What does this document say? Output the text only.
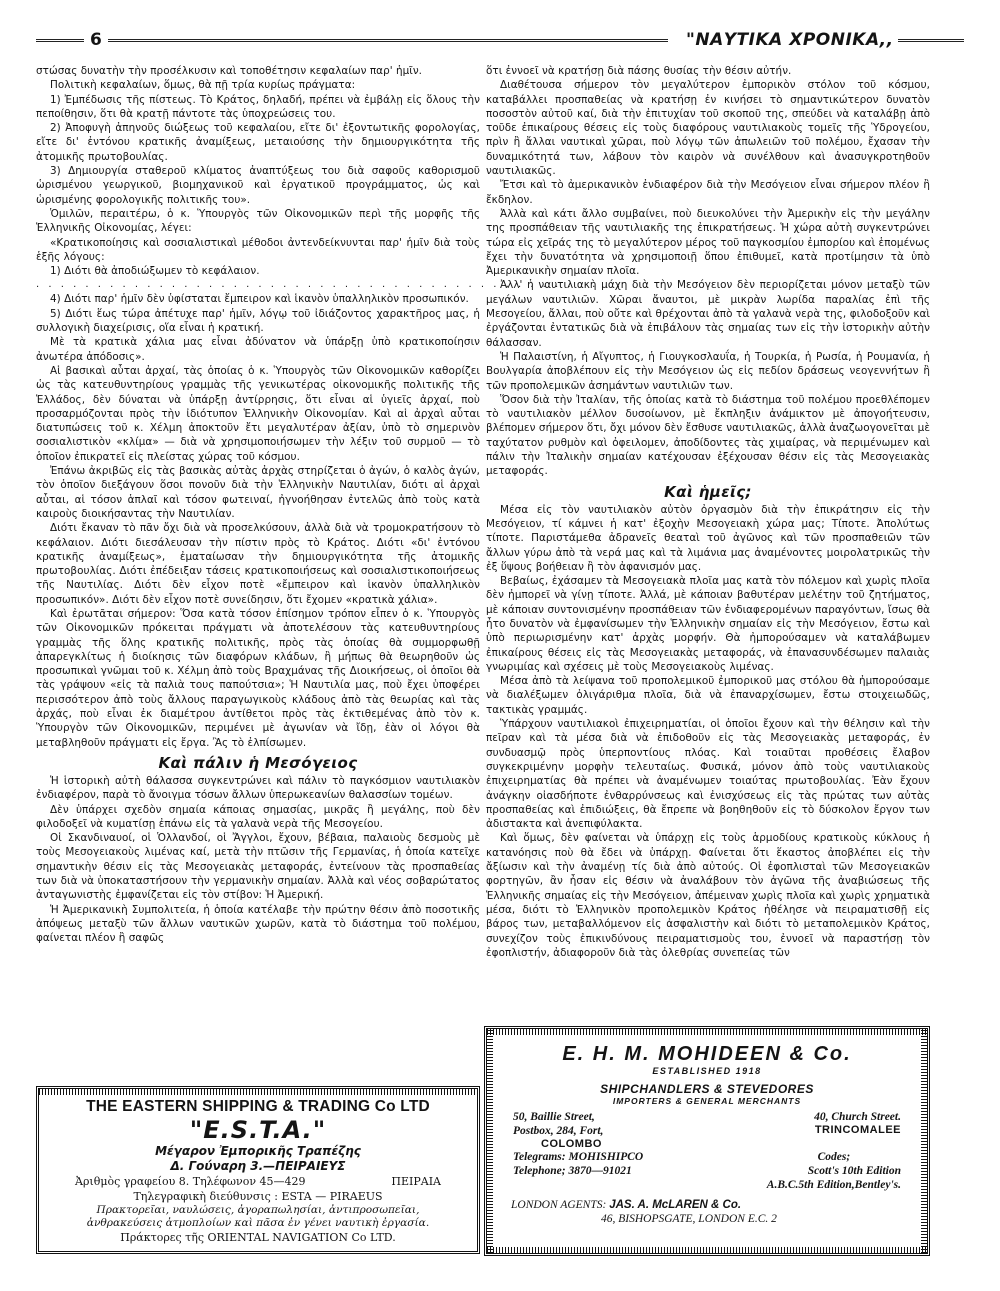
6	"ΝΑΥΤΙΚΑ ΧΡΟΝΙΚΑ,,

στώσας δυνατὴν τὴν προσέλκυσιν καὶ τοποθέτησιν κεφαλαίων παρ' ἡμῖν.

Πολιτικὴ κεφαλαίων, ὅμως, θὰ πῇ τρία κυρίως πράγματα:

1) Ἐμπέδωσις τῆς πίστεως. Τὸ Κράτος, δηλαδή, πρέπει νὰ ἐμβάλῃ εἰς ὅλους τὴν πεποίθησιν, ὅτι θὰ κρατῇ πάντοτε τὰς ὑποχρεώσεις του.

2) Ἀποφυγὴ ἀπηνοῦς διώξεως τοῦ κεφαλαίου, εἴτε δι' ἐξοντωτικῆς φορολογίας, εἴτε δι' ἐντόνου κρατικῆς ἀναμίξεως, μεταιούσης τὴν δημιουργικότητα τῆς ἀτομικῆς πρωτοβουλίας.

3) Δημιουργία σταθεροῦ κλίματος ἀναπτύξεως του διὰ σαφοῦς καθορισμοῦ ὡρισμένου γεωργικοῦ, βιομηχανικοῦ καὶ ἐργατικοῦ προγράμματος, ὡς καὶ ὡρισμένης φορολογικῆς πολιτικῆς του».

Ὁμιλῶν, περαιτέρω, ὁ κ. Ὑπουργὸς τῶν Οἰκονομικῶν περὶ τῆς μορφῆς τῆς Ἑλληνικῆς Οἰκονομίας, λέγει:

«Κρατικοποίησις καὶ σοσιαλιστικαὶ μέθοδοι ἀντενδείκνυνται παρ' ἡμῖν διὰ τοὺς ἑξῆς λόγους:

1) Διότι θὰ ἀποδιώξωμεν τὸ κεφάλαιον.

. . . . . . . . . . . . . . . . . . . . . . . . . . . . . . . . . . . . . . . . . . . . . . . .

4) Διότι παρ' ἡμῖν δὲν ὑφίσταται ἔμπειρον καὶ ἱκανὸν ὑπαλληλικὸν προσωπικόν.

5) Διότι ἕως τώρα ἀπέτυχε παρ' ἡμῖν, λόγῳ τοῦ ἰδιάζοντος χαρακτῆρος μας, ἡ συλλογικὴ διαχείρισις, οἵα εἶναι ἡ κρατική.

Μὲ τὰ κρατικὰ χάλια μας εἶναι ἀδύνατον νὰ ὑπάρξῃ ὑπὸ κρατικοποίησιν ἀνωτέρα ἀπόδοσις».

Αἱ βασικαὶ αὗται ἀρχαί, τὰς ὁποίας ὁ κ. Ὑπουργὸς τῶν Οἰκονομικῶν καθορίζει ὡς τὰς κατευθυντηρίους γραμμὰς τῆς γενικωτέρας οἰκονομικῆς πολιτικῆς τῆς Ἑλλάδος, δὲν δύναται νὰ ὑπάρξῃ ἀντίρρησις, ὅτι εἶναι αἱ ὑγιεῖς ἀρχαί, ποὺ προσαρμόζονται πρὸς τὴν ἰδιότυπον Ἑλληνικὴν Οἰκονομίαν. Καὶ αἱ ἀρχαὶ αὗται διατυπώσεις τοῦ κ. Χέλμη ἀποκτοῦν ἔτι μεγαλυτέραν ἀξίαν, ὑπὸ τὸ σημερινὸν σοσιαλιστικὸν «κλίμα» — διὰ νὰ χρησιμοποιήσωμεν τὴν λέξιν τοῦ συρμοῦ — τὸ ὁποῖον ἐπικρατεῖ εἰς πλείστας χώρας τοῦ κόσμου.

Ἐπάνω ἀκριβῶς εἰς τὰς βασικὰς αὐτὰς ἀρχὰς στηρίζεται ὁ ἀγών, ὁ καλὸς ἀγών, τὸν ὁποῖον διεξάγουν ὅσοι πονοῦν διὰ τὴν Ἑλληνικὴν Ναυτιλίαν, διότι αἱ ἀρχαὶ αὗται, αἱ τόσον ἁπλαῖ καὶ τόσον φωτειναί, ἠγνοήθησαν ἐντελῶς ἀπὸ τοὺς κατὰ καιροὺς διοικήσαντας τὴν Ναυτιλίαν.

Διότι ἔκαναν τὸ πᾶν ὄχι διὰ νὰ προσελκύσουν, ἀλλὰ διὰ νὰ τρομοκρατήσουν τὸ κεφάλαιον. Διότι διεσάλευσαν τὴν πίστιν πρὸς τὸ Κράτος. Διότι «δι' ἐντόνου κρατικῆς ἀναμίξεως», ἐματαίωσαν τὴν δημιουργικότητα τῆς ἀτομικῆς πρωτοβουλίας. Διότι ἐπέδειξαν τάσεις κρατικοποιήσεως καὶ σοσιαλιστικοποιήσεως τῆς Ναυτιλίας. Διότι δὲν εἶχον ποτὲ «ἔμπειρον καὶ ἱκανὸν ὑπαλληλικὸν προσωπικόν». Διότι δὲν εἶχον ποτὲ συνείδησιν, ὅτι ἔχομεν «κρατικὰ χάλια».

Καὶ ἐρωτᾶται σήμερον: Ὅσα κατὰ τόσον ἐπίσημον τρόπον εἶπεν ὁ κ. Ὑπουργὸς τῶν Οἰκονομικῶν πρόκειται πράγματι νὰ ἀποτελέσουν τὰς κατευθυντηρίους γραμμὰς τῆς ὅλης κρατικῆς πολιτικῆς, πρὸς τὰς ὁποίας θὰ συμμορφωθῇ ἀπαρεγκλίτως ἡ διοίκησις τῶν διαφόρων κλάδων, ἢ μήπως θὰ θεωρηθοῦν ὡς προσωπικαὶ γνῶμαι τοῦ κ. Χέλμη ἀπὸ τοὺς Βραχμάνας τῆς Διοικήσεως, οἱ ὁποῖοι θὰ τὰς γράψουν «εἰς τὰ παλιὰ τους παπούτσια»; Ἡ Ναυτιλία μας, ποὺ ἔχει ὑποφέρει περισσότερον ἀπὸ τοὺς ἄλλους παραγωγικοὺς κλάδους ἀπὸ τὰς θεωρίας καὶ τὰς ἀρχάς, ποὺ εἶναι ἐκ διαμέτρου ἀντίθετοι πρὸς τὰς ἐκτιθεμένας ἀπὸ τὸν κ. Ὑπουργὸν τῶν Οἰκονομικῶν, περιμένει μὲ ἀγωνίαν νὰ ἴδῃ, ἐὰν οἱ λόγοι θὰ μεταβληθοῦν πράγματι εἰς ἔργα. Ἂς τὸ ἐλπίσωμεν.

Καὶ πάλιν ἡ Μεσόγειος

Ἡ ἱστορικὴ αὐτὴ θάλασσα συγκεντρώνει καὶ πάλιν τὸ παγκόσμιον ναυτιλιακὸν ἐνδιαφέρον, παρὰ τὸ ἄνοιγμα τόσων ἄλλων ὑπερωκεανίων θαλασσίων τομέων.

Δὲν ὑπάρχει σχεδὸν σημαία κάποιας σημασίας, μικρᾶς ἢ μεγάλης, ποὺ δὲν φιλοδοξεῖ νὰ κυματίσῃ ἐπάνω εἰς τὰ γαλανὰ νερὰ τῆς Μεσογείου.

Οἱ Σκανδιναυοί, οἱ Ὁλλανδοί, οἱ Ἄγγλοι, ἔχουν, βέβαια, παλαιοὺς δεσμοὺς μὲ τοὺς Μεσογειακοὺς λιμένας καί, μετὰ τὴν πτῶσιν τῆς Γερμανίας, ἡ ὁποία κατεῖχε σημαντικὴν θέσιν εἰς τὰς Μεσογειακὰς μεταφοράς, ἐντείνουν τὰς προσπαθείας των διὰ νὰ ὑποκαταστήσουν τὴν γερμανικὴν σημαίαν. Ἀλλὰ καὶ νέος σοβαρώτατος ἀνταγωνιστὴς ἐμφανίζεται εἰς τὸν στίβον: Ἡ Ἀμερική.

Ἡ Ἀμερικανικὴ Συμπολιτεία, ἡ ὁποία κατέλαβε τὴν πρώτην θέσιν ἀπὸ ποσοτικῆς ἀπόψεως μεταξὺ τῶν ἄλλων ναυτικῶν χωρῶν, κατὰ τὸ διάστημα τοῦ πολέμου, φαίνεται πλέον ἢ σαφῶς

ὅτι ἐννοεῖ νὰ κρατήσῃ διὰ πάσης θυσίας τὴν θέσιν αὐτήν.

Διαθέτουσα σήμερον τὸν μεγαλύτερον ἐμπορικὸν στόλον τοῦ κόσμου, καταβάλλει προσπαθείας νὰ κρατήσῃ ἐν κινήσει τὸ σημαντικώτερον δυνατὸν ποσοστὸν αὐτοῦ καί, διὰ τὴν ἐπιτυχίαν τοῦ σκοποῦ της, σπεύδει νὰ καταλάβῃ ἀπὸ τοῦδε ἐπικαίρους θέσεις εἰς τοὺς διαφόρους ναυτιλιακοὺς τομεῖς τῆς Ὑδρογείου, πρὶν ἢ ἄλλαι ναυτικαὶ χῶραι, ποὺ λόγῳ τῶν ἀπωλειῶν τοῦ πολέμου, ἔχασαν τὴν δυναμικότητά των, λάβουν τὸν καιρὸν νὰ συνέλθουν καὶ ἀνασυγκροτηθοῦν ναυτιλιακῶς.

Ἔτσι καὶ τὸ ἀμερικανικὸν ἐνδιαφέρον διὰ τὴν Μεσόγειον εἶναι σήμερον πλέον ἢ ἔκδηλον.

Ἀλλὰ καὶ κάτι ἄλλο συμβαίνει, ποὺ διευκολύνει τὴν Ἀμερικὴν εἰς τὴν μεγάλην της προσπάθειαν τῆς ναυτιλιακῆς της ἐπικρατήσεως. Ἡ χώρα αὐτὴ συγκεντρώνει τώρα εἰς χεῖράς της τὸ μεγαλύτερον μέρος τοῦ παγκοσμίου ἐμπορίου καὶ ἑπομένως ἔχει τὴν δυνατότητα νὰ χρησιμοποιῇ ὅπου ἐπιθυμεῖ, κατὰ προτίμησιν τὰ ὑπὸ Ἀμερικανικὴν σημαίαν πλοῖα.

Ἀλλ' ἡ ναυτιλιακὴ μάχη διὰ τὴν Μεσόγειον δὲν περιορίζεται μόνον μεταξὺ τῶν μεγάλων ναυτιλιῶν. Χῶραι ἄναυτοι, μὲ μικρὰν λωρίδα παραλίας ἐπὶ τῆς Μεσογείου, ἄλλαι, ποὺ οὔτε καὶ θρέχονται ἀπὸ τὰ γαλανὰ νερὰ της, φιλοδοξοῦν καὶ ἐργάζονται ἐντατικῶς διὰ νὰ ἐπιβάλουν τὰς σημαίας των εἰς τὴν ἱστορικὴν αὐτὴν θάλασσαν.

Ἡ Παλαιστίνη, ἡ Αἴγυπτος, ἡ Γιουγκοσλαυΐα, ἡ Τουρκία, ἡ Ρωσία, ἡ Ρουμανία, ἡ Βουλγαρία ἀποβλέπουν εἰς τὴν Μεσόγειον ὡς εἰς πεδίον δράσεως νεογεννήτων ἢ τῶν προπολεμικῶν ἀσημάντων ναυτιλιῶν των.

Ὅσον διὰ τὴν Ἰταλίαν, τῆς ὁποίας κατὰ τὸ διάστημα τοῦ πολέμου προεθλέπομεν τὸ ναυτιλιακὸν μέλλον δυσοίωνον, μὲ ἔκπληξιν ἀνάμικτον μὲ ἀπογοήτευσιν, βλέπομεν σήμερον ὅτι, ὄχι μόνον δὲν ἔσθυσε ναυτιλιακῶς, ἀλλὰ ἀναζωογονεῖται μὲ ταχύτατον ρυθμὸν καὶ ὀφειλομεν, ἀποδίδοντες τὰς χιμαίρας, νὰ περιμένωμεν καὶ πάλιν τὴν Ἰταλικὴν σημαίαν κατέχουσαν ἐξέχουσαν θέσιν εἰς τὰς Μεσογειακὰς μεταφοράς.

Καὶ ἡμεῖς;

Μέσα εἰς τὸν ναυτιλιακὸν αὐτὸν ὀργασμὸν διὰ τὴν ἐπικράτησιν εἰς τὴν Μεσόγειον, τί κάμνει ἡ κατ' ἐξοχὴν Μεσογειακὴ χώρα μας; Τίποτε. Ἀπολύτως τίποτε. Παριστάμεθα ἀδρανεῖς θεαταὶ τοῦ ἀγῶνος καὶ τῶν προσπαθειῶν τῶν ἄλλων γύρω ἀπὸ τὰ νερά μας καὶ τὰ λιμάνια μας ἀναμένοντες μοιρολατρικῶς τὴν ἐξ ὕψους βοήθειαν ἢ τὸν ἀφανισμόν μας.

Βεβαίως, ἐχάσαμεν τὰ Μεσογειακὰ πλοῖα μας κατὰ τὸν πόλεμον καὶ χωρὶς πλοῖα δὲν ἠμπορεῖ νὰ γίνῃ τίποτε. Ἀλλά, μὲ κάποιαν βαθυτέραν μελέτην τοῦ ζητήματος, μὲ κάποιαν συντονισμένην προσπάθειαν τῶν ἐνδιαφερομένων παραγόντων, ἴσως θὰ ἦτο δυνατὸν νὰ ἐμφανίσωμεν τὴν Ἑλληνικὴν σημαίαν εἰς τὴν Μεσόγειον, ἔστω καὶ ὑπὸ περιωρισμένην κατ' ἀρχὰς μορφήν. Θὰ ἠμπορούσαμεν νὰ καταλάβωμεν ἐπικαίρους θέσεις εἰς τὰς Μεσογειακὰς μεταφοράς, νὰ ἐπανασυνδέσωμεν παλαιὰς γνωριμίας καὶ σχέσεις μὲ τοὺς Μεσογειακοὺς λιμένας.

Μέσα ἀπὸ τὰ λείψανα τοῦ προπολεμικοῦ ἐμπορικοῦ μας στόλου θὰ ἠμπορούσαμε νὰ διαλέξωμεν ὀλιγάριθμα πλοῖα, διὰ νὰ ἐπαναρχίσωμεν, ἔστω στοιχειωδῶς, τακτικὰς γραμμάς.

Ὑπάρχουν ναυτιλιακοὶ ἐπιχειρηματίαι, οἱ ὁποῖοι ἔχουν καὶ τὴν θέλησιν καὶ τὴν πεῖραν καὶ τὰ μέσα διὰ νὰ ἐπιδοθοῦν εἰς τὰς Μεσογειακὰς μεταφοράς, ἐν συνδυασμῷ πρὸς ὑπερποντίους πλόας. Καὶ τοιαῦται προθέσεις ἔλαβον συγκεκριμένην μορφὴν τελευταίως. Φυσικά, μόνον ἀπὸ τοὺς ναυτιλιακοὺς ἐπιχειρηματίας θὰ πρέπει νὰ ἀναμένωμεν τοιαύτας πρωτοβουλίας. Ἐὰν ἔχουν ἀνάγκην οἰασδήποτε ἐνθαρρύνσεως καὶ ἐνισχύσεως εἰς τὰς πρώτας των αὐτὰς προσπαθείας καὶ ἐπιδιώξεις, θὰ ἔπρεπε νὰ βοηθηθοῦν εἰς τὸ δύσκολον ἔργον των ἀδιστακτα καὶ ἀνεπιφύλακτα.

Καὶ ὅμως, δὲν φαίνεται νὰ ὑπάρχῃ εἰς τοὺς ἁρμοδίους κρατικοὺς κύκλους ἡ κατανόησις ποὺ θὰ ἔδει νὰ ὑπάρχῃ. Φαίνεται ὅτι ἕκαστος ἀποβλέπει εἰς τὴν ἄξίωσιν καὶ τὴν ἀναμένῃ τίς διὰ ἀπὸ αὐτούς. Οἱ ἐφοπλισταὶ τῶν Μεσογειακῶν φορτηγῶν, ἂν ἦσαν εἰς θέσιν νὰ ἀναλάβουν τὸν ἀγῶνα τῆς ἀναβιώσεως τῆς Ἑλληνικῆς σημαίας εἰς τὴν Μεσόγειον, ἀπέμειναν χωρὶς πλοῖα καὶ χωρὶς χρηματικὰ μέσα, διότι τὸ Ἑλληνικὸν προπολεμικὸν Κράτος ἠθέλησε νὰ πειραματισθῇ εἰς βάρος των, μεταβαλλόμενον εἰς ἀσφαλιστὴν καὶ διότι τὸ μεταπολεμικὸν Κράτος, συνεχίζον τοὺς ἐπικινδύνους πειραματισμοὺς του, ἐννοεῖ νὰ παραστήσῃ τὸν ἐφοπλιστήν, ἀδιαφοροῦν διὰ τὰς ὀλεθρίας συνεπείας τῶν

THE EASTERN SHIPPING & TRADING Co LTD
"E.S.T.A."
Μέγαρον Ἐμπορικῆς Τραπέζης
Δ. Γούναρη 3.—ΠΕΙΡΑΙΕΥΣ
Ἀριθμὸς γραφείου 8. Τηλέφωνον 45—429	ΠΕΙΡΑΙΑ
Τηλεγραφικὴ διεύθυνσις : ESTA — PIRAEUS
Πρακτορεῖαι, ναυλώσεις, ἀγοραπωλησίαι, ἀντιπροσωπεῖαι,
ἀνθρακεύσεις ἀτμοπλοίων καὶ πᾶσα ἐν γένει ναυτικὴ ἐργασία.
Πράκτορες τῆς ORIENTAL NAVIGATION Co LTD.
E. H. M. MOHIDEEN & Co.
ESTABLISHED 1918
SHIPCHANDLERS & STEVEDORES
IMPORTERS & GENERAL MERCHANTS
50, Baillie Street,
Postbox, 284, Fort,
COLOMBO
Telegrams: MOHISHIPCO
Telephone; 3870—91021
40, Church Street.
TRINCOMALEE
Codes;
Scott's 10th Edition
A.B.C.5th Edition,Bentley's.
LONDON AGENTS: JAS. A. McLAREN & Co.
46, BISHOPSGATE, LONDON E.C. 2
